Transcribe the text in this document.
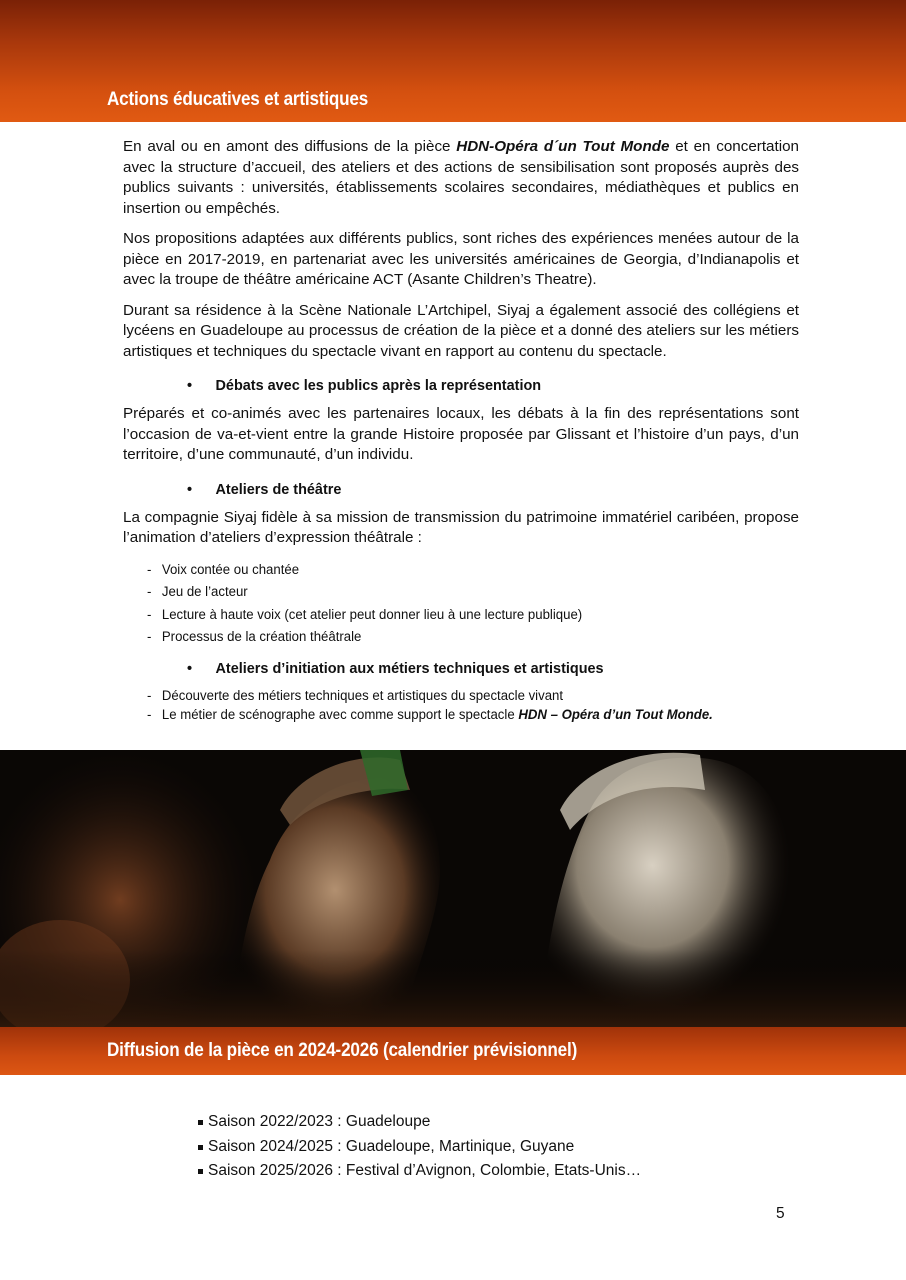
Actions éducatives et artistiques

En aval ou en amont des diffusions de la pièce HDN-Opéra d´un Tout Monde et en concertation avec la structure d’accueil, des ateliers et des actions de sensibilisation sont proposés auprès des publics suivants : universités, établissements scolaires secondaires, médiathèques et publics en insertion ou empêchés.

Nos propositions adaptées aux différents publics, sont riches des expériences menées autour de la pièce en 2017-2019, en partenariat avec les universités américaines de Georgia, d’Indianapolis et avec la troupe de théâtre américaine ACT (Asante Children’s Theatre).

Durant sa résidence à la Scène Nationale L’Artchipel, Siyaj a également associé des collégiens et lycéens en Guadeloupe au processus de création de la pièce et a donné des ateliers sur les métiers artistiques et techniques du spectacle vivant en rapport au contenu du spectacle.

• Débats avec les publics après la représentation

Préparés et co-animés avec les partenaires locaux, les débats à la fin des représentations sont l’occasion de va-et-vient entre la grande Histoire proposée par Glissant et l’histoire d’un pays, d’un territoire, d’une communauté, d’un individu.

• Ateliers de théâtre

La compagnie Siyaj fidèle à sa mission de transmission du patrimoine immatériel caribéen, propose l’animation d’ateliers d’expression théâtrale :

- Voix contée ou chantée
- Jeu de l’acteur
- Lecture à haute voix (cet atelier peut donner lieu à une lecture publique)
- Processus de la création théâtrale
• Ateliers d’initiation aux métiers techniques et artistiques
- Découverte des métiers techniques et artistiques du spectacle vivant
- Le métier de scénographe avec comme support le spectacle HDN – Opéra d’un Tout Monde.
Diffusion de la pièce en 2024-2026 (calendrier prévisionnel)
Saison 2022/2023 : Guadeloupe
Saison 2024/2025 : Guadeloupe, Martinique, Guyane
Saison 2025/2026 : Festival d’Avignon, Colombie, Etats-Unis…
5
